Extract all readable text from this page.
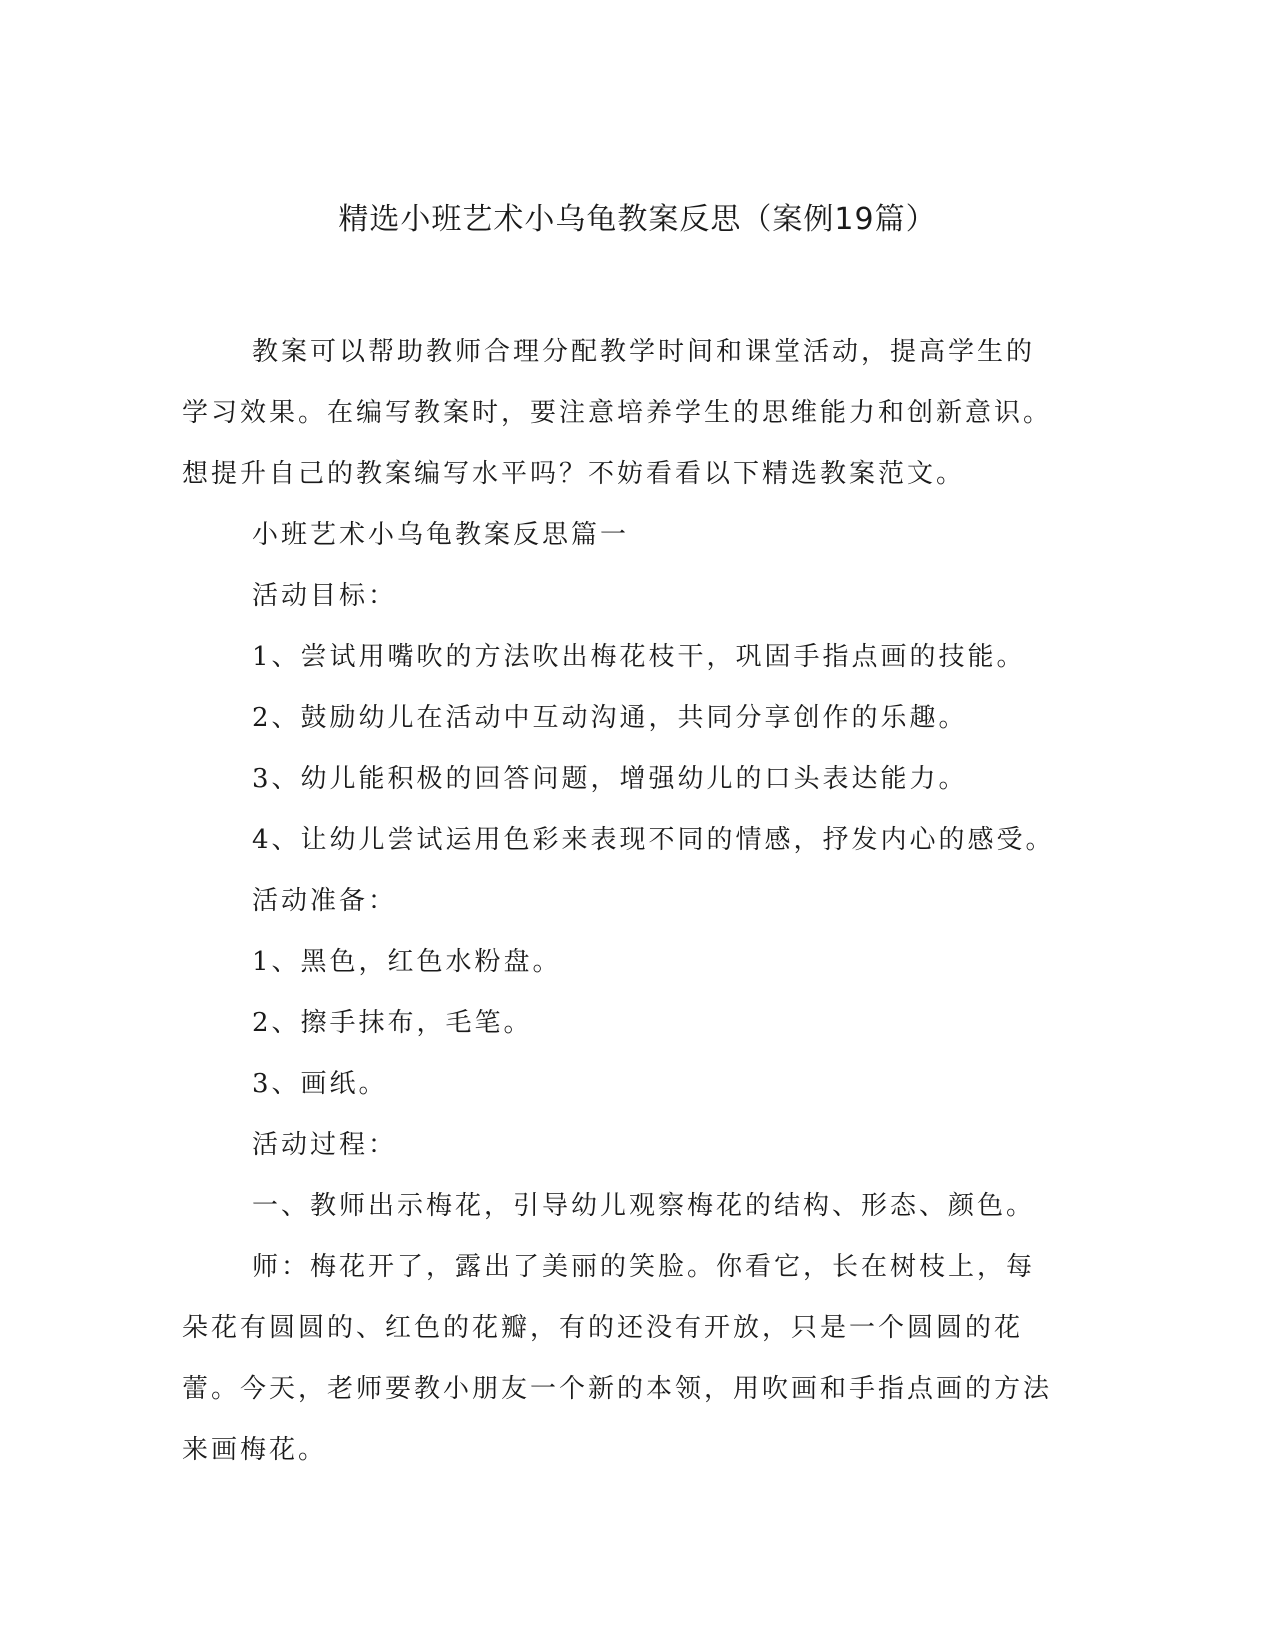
精选小班艺术小乌龟教案反思（案例19篇）

教案可以帮助教师合理分配教学时间和课堂活动，提高学生的学习效果。在编写教案时，要注意培养学生的思维能力和创新意识。想提升自己的教案编写水平吗？不妨看看以下精选教案范文。

小班艺术小乌龟教案反思篇一

活动目标：

1、尝试用嘴吹的方法吹出梅花枝干，巩固手指点画的技能。

2、鼓励幼儿在活动中互动沟通，共同分享创作的乐趣。

3、幼儿能积极的回答问题，增强幼儿的口头表达能力。

4、让幼儿尝试运用色彩来表现不同的情感，抒发内心的感受。

活动准备：

1、黑色，红色水粉盘。

2、擦手抹布，毛笔。

3、画纸。

活动过程：

一、教师出示梅花，引导幼儿观察梅花的结构、形态、颜色。

师：梅花开了，露出了美丽的笑脸。你看它，长在树枝上，每朵花有圆圆的、红色的花瓣，有的还没有开放，只是一个圆圆的花蕾。今天，老师要教小朋友一个新的本领，用吹画和手指点画的方法来画梅花。
